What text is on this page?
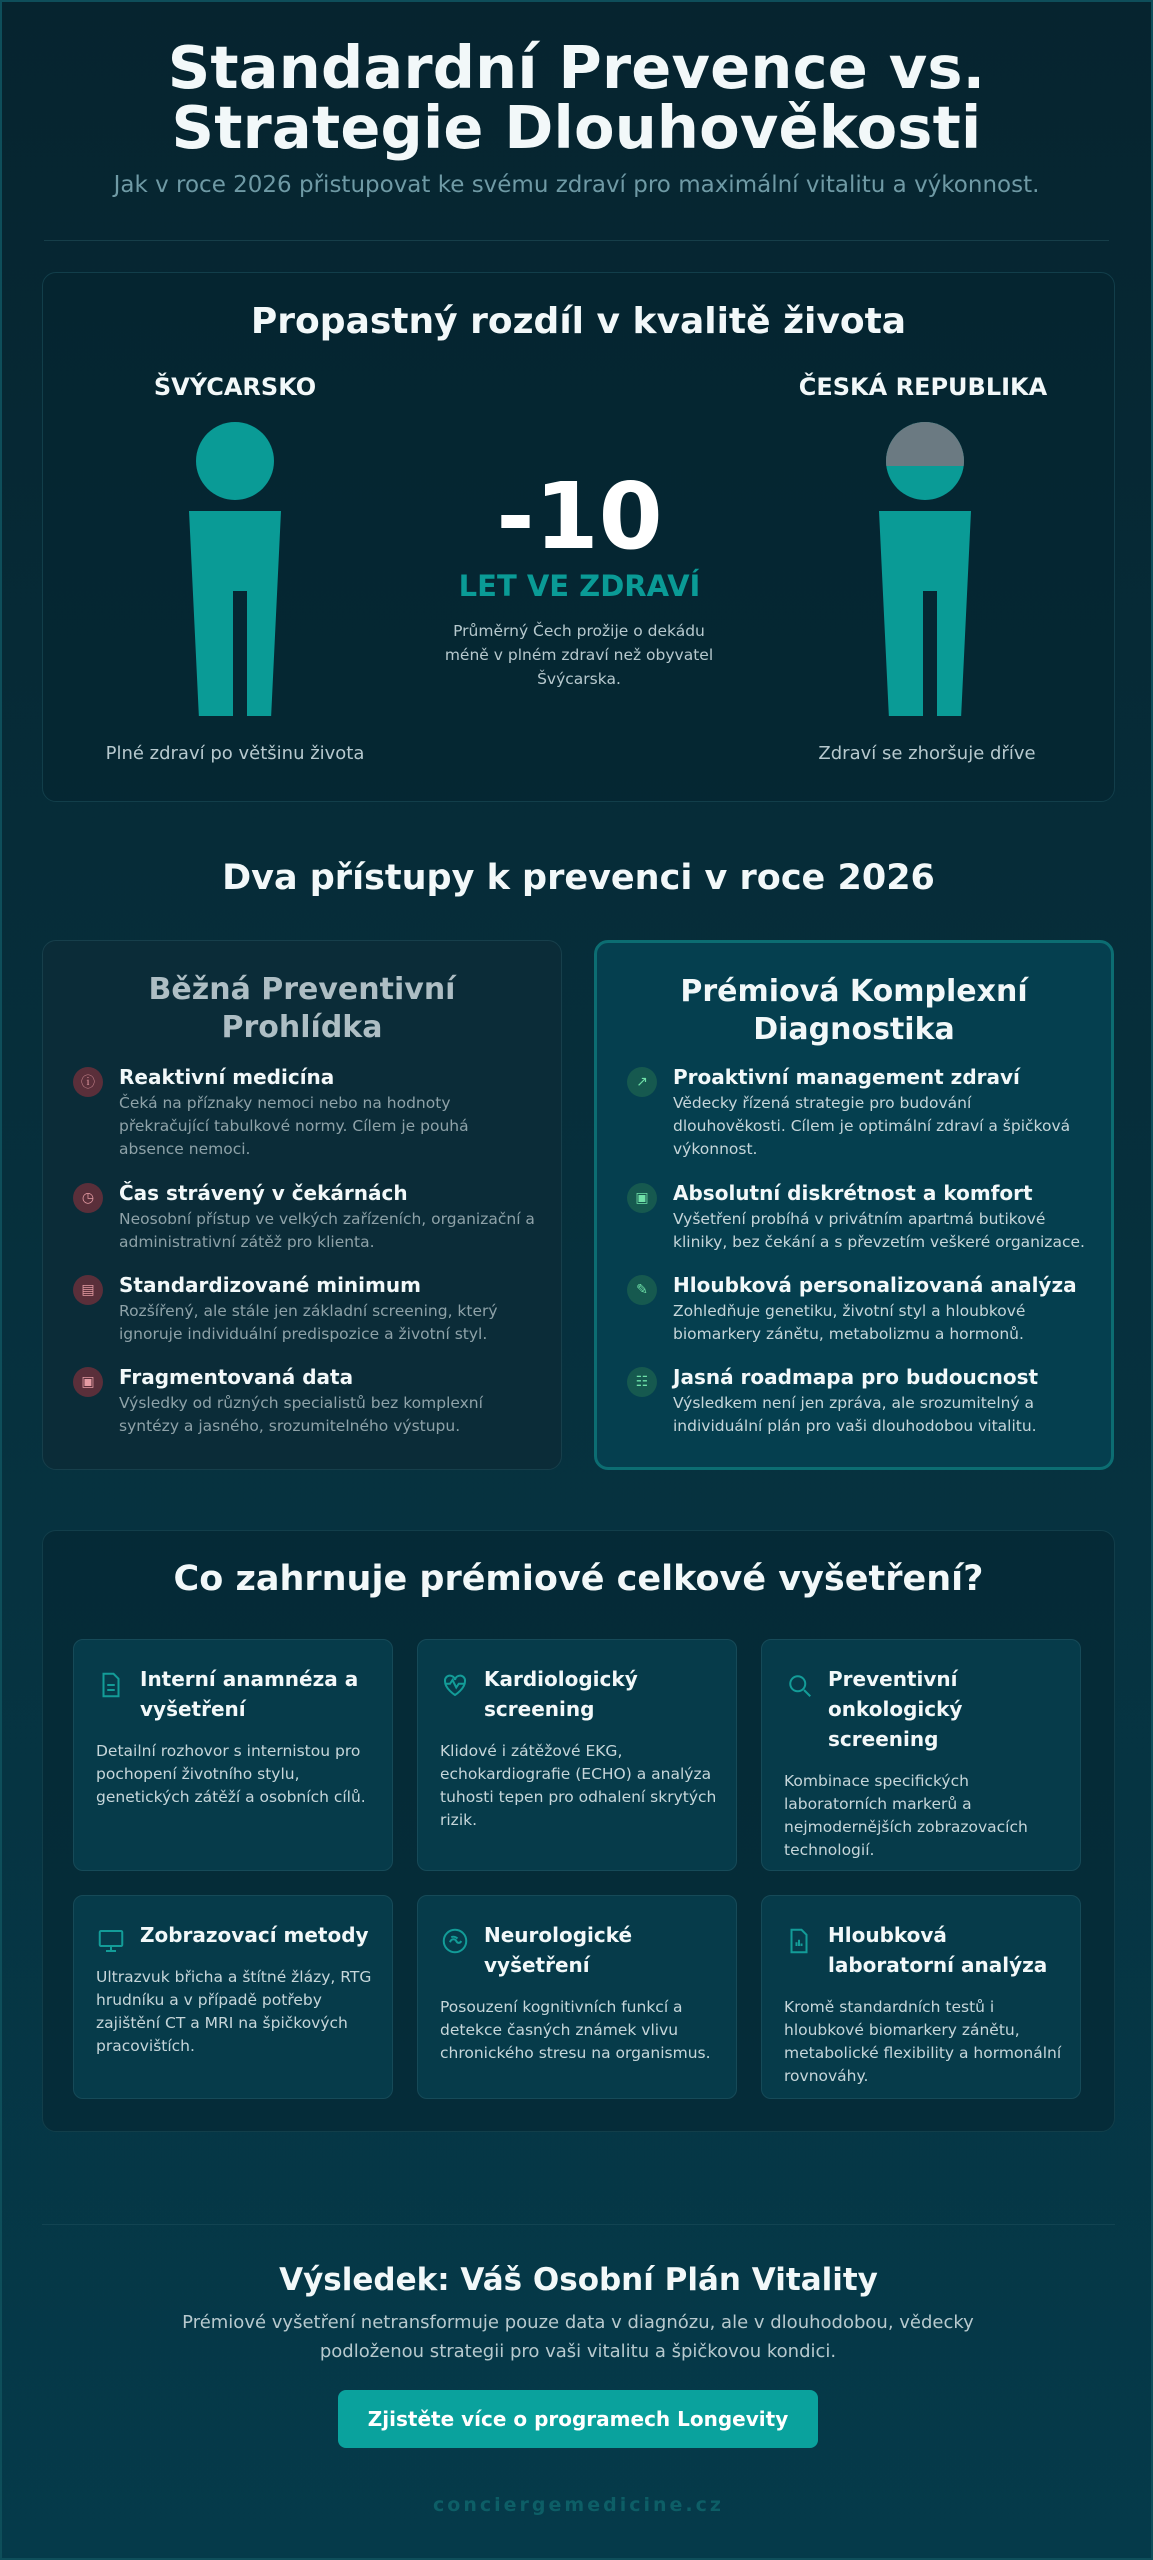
Standardní Prevence vs. Strategie Dlouhověkosti
Jak v roce 2026 přistupovat ke svému zdraví pro maximální vitalitu a výkonnost.
Propastný rozdíl v kvalitě života
ŠVÝCARSKO
Plné zdraví po většinu života
-10
LET VE ZDRAVÍ
Průměrný Čech prožije o dekádu méně v plném zdraví než obyvatel Švýcarska.
ČESKÁ REPUBLIKA
Zdraví se zhoršuje dříve
Dva přístupy k prevenci v roce 2026
Běžná Preventivní Prohlídka
ⓘ	Reaktivní medicína
Čeká na příznaky nemoci nebo na hodnoty překračující tabulkové normy. Cílem je pouhá absence nemoci.
◷	Čas strávený v čekárnách
Neosobní přístup ve velkých zařízeních, organizační a administrativní zátěž pro klienta.
▤	Standardizované minimum
Rozšířený, ale stále jen základní screening, který ignoruje individuální predispozice a životní styl.
▣	Fragmentovaná data
Výsledky od různých specialistů bez komplexní syntézy a jasného, srozumitelného výstupu.
Prémiová Komplexní Diagnostika
↗	Proaktivní management zdraví
Vědecky řízená strategie pro budování dlouhověkosti. Cílem je optimální zdraví a špičková výkonnost.
▣	Absolutní diskrétnost a komfort
Vyšetření probíhá v privátním apartmá butikové kliniky, bez čekání a s převzetím veškeré organizace.
✎	Hloubková personalizovaná analýza
Zohledňuje genetiku, životní styl a hloubkové biomarkery zánětu, metabolizmu a hormonů.
☷	Jasná roadmapa pro budoucnost
Výsledkem není jen zpráva, ale srozumitelný a individuální plán pro vaši dlouhodobou vitalitu.
Co zahrnuje prémiové celkové vyšetření?
Interní anamnéza a vyšetření
Detailní rozhovor s internistou pro pochopení životního stylu, genetických zátěží a osobních cílů.
Kardiologický screening
Klidové i zátěžové EKG, echokardiografie (ECHO) a analýza tuhosti tepen pro odhalení skrytých rizik.
Preventivní onkologický screening
Kombinace specifických laboratorních markerů a nejmodernějších zobrazovacích technologií.
Zobrazovací metody
Ultrazvuk břicha a štítné žlázy, RTG hrudníku a v případě potřeby zajištění CT a MRI na špičkových pracovištích.
Neurologické vyšetření
Posouzení kognitivních funkcí a detekce časných známek vlivu chronického stresu na organismus.
Hloubková laboratorní analýza
Kromě standardních testů i hloubkové biomarkery zánětu, metabolické flexibility a hormonální rovnováhy.
Výsledek: Váš Osobní Plán Vitality
Prémiové vyšetření netransformuje pouze data v diagnózu, ale v dlouhodobou, vědecky podloženou strategii pro vaši vitalitu a špičkovou kondici.
Zjistěte více o programech Longevity
conciergemedicine.cz
